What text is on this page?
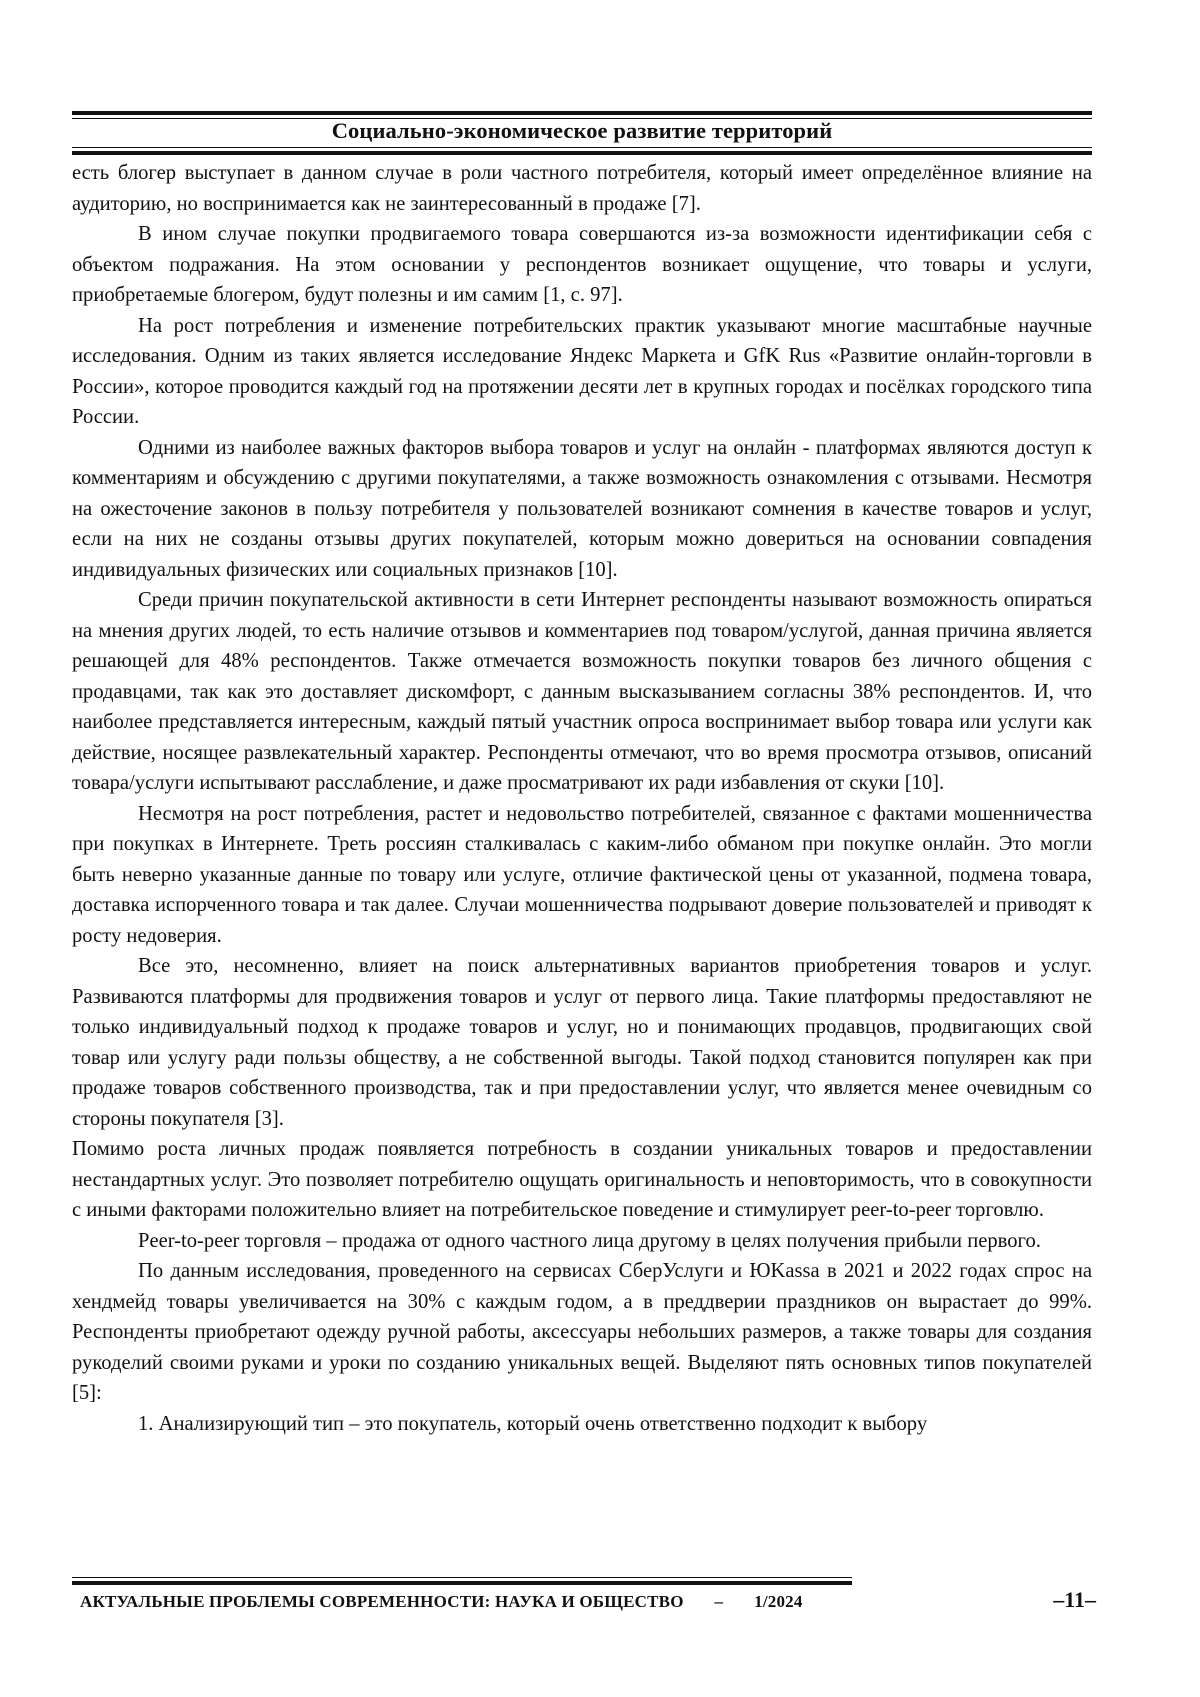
Социально-экономическое развитие территорий

есть блогер выступает в данном случае в роли частного потребителя, который имеет определённое влияние на аудиторию, но воспринимается как не заинтересованный в продаже [7].

В ином случае покупки продвигаемого товара совершаются из-за возможности идентификации себя с объектом подражания. На этом основании у респондентов возникает ощущение, что товары и услуги, приобретаемые блогером, будут полезны и им самим [1, с. 97].

На рост потребления и изменение потребительских практик указывают многие масштабные научные исследования. Одним из таких является исследование Яндекс Маркета и GfK Rus «Развитие онлайн-торговли в России», которое проводится каждый год на протяжении десяти лет в крупных городах и посёлках городского типа России.

Одними из наиболее важных факторов выбора товаров и услуг на онлайн - платформах являются доступ к комментариям и обсуждению с другими покупателями, а также возможность ознакомления с отзывами. Несмотря на ожесточение законов в пользу потребителя у пользователей возникают сомнения в качестве товаров и услуг, если на них не созданы отзывы других покупателей, которым можно довериться на основании совпадения индивидуальных физических или социальных признаков [10].

Среди причин покупательской активности в сети Интернет респонденты называют возможность опираться на мнения других людей, то есть наличие отзывов и комментариев под товаром/услугой, данная причина является решающей для 48% респондентов. Также отмечается возможность покупки товаров без личного общения с продавцами, так как это доставляет дискомфорт, с данным высказыванием согласны 38% респондентов. И, что наиболее представляется интересным, каждый пятый участник опроса воспринимает выбор товара или услуги как действие, носящее развлекательный характер. Респонденты отмечают, что во время просмотра отзывов, описаний товара/услуги испытывают расслабление, и даже просматривают их ради избавления от скуки [10].

Несмотря на рост потребления, растет и недовольство потребителей, связанное с фактами мошенничества при покупках в Интернете. Треть россиян сталкивалась с каким-либо обманом при покупке онлайн. Это могли быть неверно указанные данные по товару или услуге, отличие фактической цены от указанной, подмена товара, доставка испорченного товара и так далее. Случаи мошенничества подрывают доверие пользователей и приводят к росту недоверия.

Все это, несомненно, влияет на поиск альтернативных вариантов приобретения товаров и услуг. Развиваются платформы для продвижения товаров и услуг от первого лица. Такие платформы предоставляют не только индивидуальный подход к продаже товаров и услуг, но и понимающих продавцов, продвигающих свой товар или услугу ради пользы обществу, а не собственной выгоды. Такой подход становится популярен как при продаже товаров собственного производства, так и при предоставлении услуг, что является менее очевидным со стороны покупателя [3].

Помимо роста личных продаж появляется потребность в создании уникальных товаров и предоставлении нестандартных услуг. Это позволяет потребителю ощущать оригинальность и неповторимость, что в совокупности с иными факторами положительно влияет на потребительское поведение и стимулирует peer-to-peer торговлю.

Peer-to-peer торговля – продажа от одного частного лица другому в целях получения прибыли первого.

По данным исследования, проведенного на сервисах СберУслуги и ЮKassa в 2021 и 2022 годах спрос на хендмейд товары увеличивается на 30% с каждым годом, а в преддверии праздников он вырастает до 99%. Респонденты приобретают одежду ручной работы, аксессуары небольших размеров, а также товары для создания рукоделий своими руками и уроки по созданию уникальных вещей. Выделяют пять основных типов покупателей [5]:

1. Анализирующий тип – это покупатель, который очень ответственно подходит к выбору

АКТУАЛЬНЫЕ ПРОБЛЕМЫ СОВРЕМЕННОСТИ: НАУКА И ОБЩЕСТВО – 1/2024	–11–
